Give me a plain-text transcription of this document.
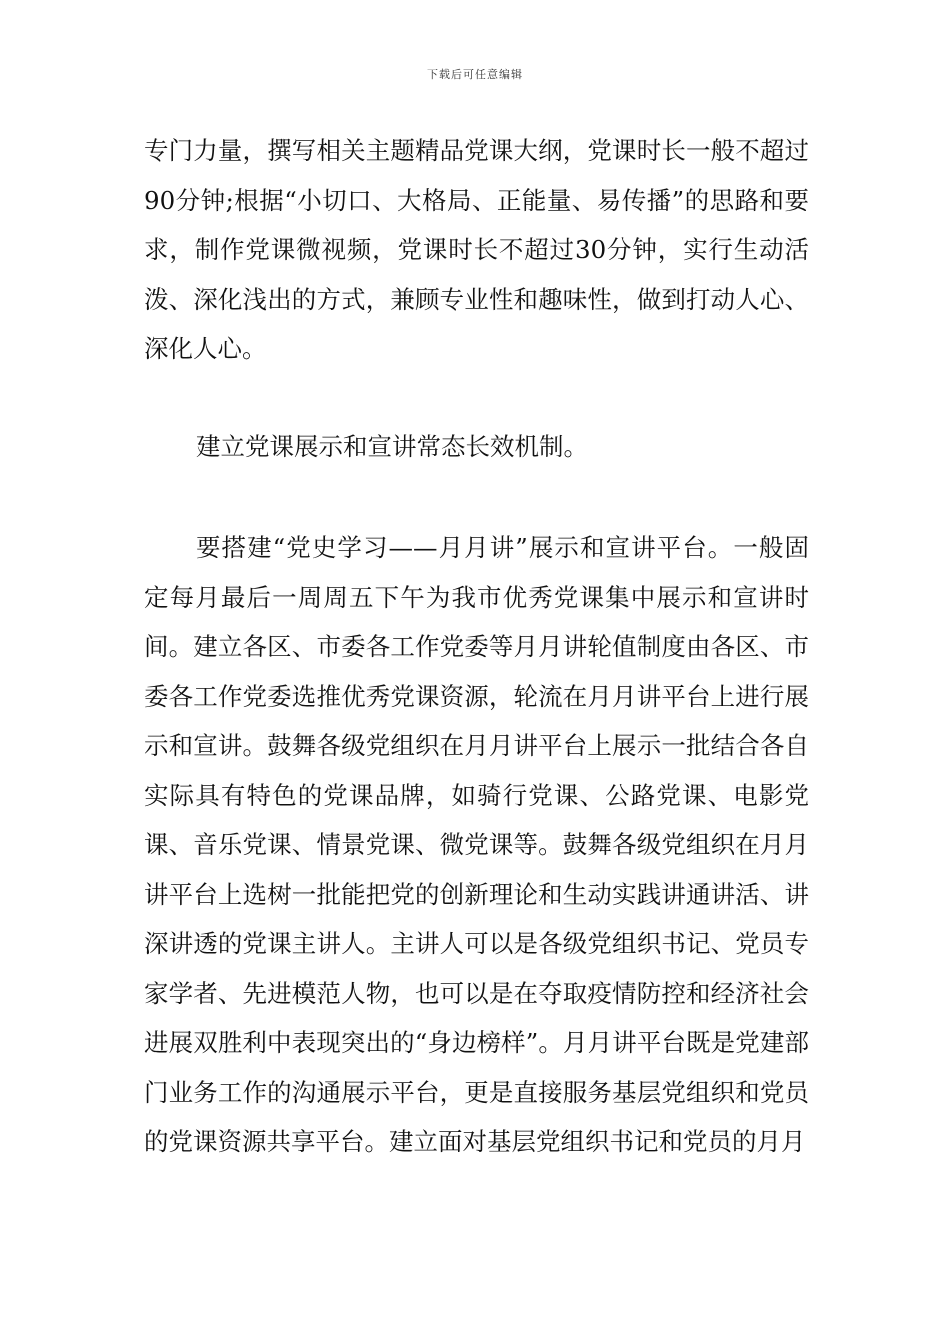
下载后可任意编辑

专门力量，撰写相关主题精品党课大纲，党课时长一般不超过90分钟;根据“小切口、大格局、正能量、易传播”的思路和要求，制作党课微视频，党课时长不超过30分钟，实行生动活泼、深化浅出的方式，兼顾专业性和趣味性，做到打动人心、深化人心。

建立党课展示和宣讲常态长效机制。

要搭建“党史学习——月月讲”展示和宣讲平台。一般固定每月最后一周周五下午为我市优秀党课集中展示和宣讲时间。建立各区、市委各工作党委等月月讲轮值制度由各区、市委各工作党委选推优秀党课资源，轮流在月月讲平台上进行展示和宣讲。鼓舞各级党组织在月月讲平台上展示一批结合各自实际具有特色的党课品牌，如骑行党课、公路党课、电影党课、音乐党课、情景党课、微党课等。鼓舞各级党组织在月月讲平台上选树一批能把党的创新理论和生动实践讲通讲活、讲深讲透的党课主讲人。主讲人可以是各级党组织书记、党员专家学者、先进模范人物，也可以是在夺取疫情防控和经济社会进展双胜利中表现突出的“身边榜样”。月月讲平台既是党建部门业务工作的沟通展示平台，更是直接服务基层党组织和党员的党课资源共享平台。建立面对基层党组织书记和党员的月月
